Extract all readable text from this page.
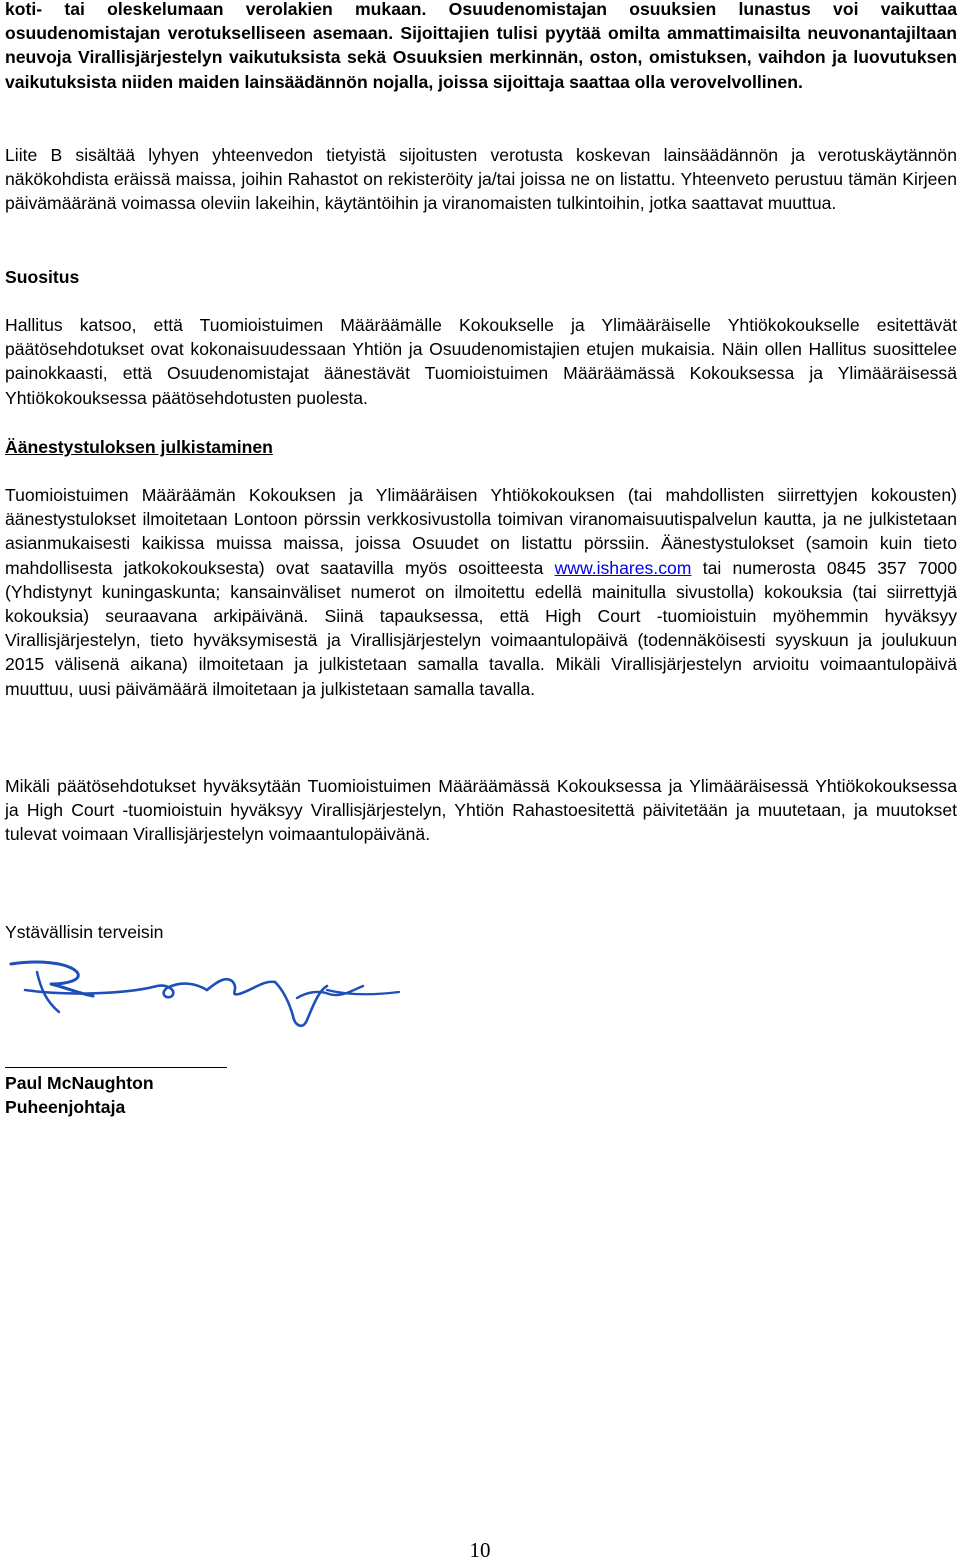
koti- tai oleskelumaan verolakien mukaan. Osuudenomistajan osuuksien lunastus voi vaikuttaa osuudenomistajan verotukselliseen asemaan. Sijoittajien tulisi pyytää omilta ammattimaisilta neuvonantajiltaan neuvoja Virallisjärjestelyn vaikutuksista sekä Osuuksien merkinnän, oston, omistuksen, vaihdon ja luovutuksen vaikutuksista niiden maiden lainsäädännön nojalla, joissa sijoittaja saattaa olla verovelvollinen.

Liite B sisältää lyhyen yhteenvedon tietyistä sijoitusten verotusta koskevan lainsäädännön ja verotuskäytännön näkökohdista eräissä maissa, joihin Rahastot on rekisteröity ja/tai joissa ne on listattu. Yhteenveto perustuu tämän Kirjeen päivämääränä voimassa oleviin lakeihin, käytäntöihin ja viranomaisten tulkintoihin, jotka saattavat muuttua.

Suositus

Hallitus katsoo, että Tuomioistuimen Määräämälle Kokoukselle ja Ylimääräiselle Yhtiökokoukselle esitettävät päätösehdotukset ovat kokonaisuudessaan Yhtiön ja Osuudenomistajien etujen mukaisia. Näin ollen Hallitus suosittelee painokkaasti, että Osuudenomistajat äänestävät Tuomioistuimen Määräämässä Kokouksessa ja Ylimääräisessä Yhtiökokouksessa päätösehdotusten puolesta.

Äänestystuloksen julkistaminen

Tuomioistuimen Määräämän Kokouksen ja Ylimääräisen Yhtiökokouksen (tai mahdollisten siirrettyjen kokousten) äänestystulokset ilmoitetaan Lontoon pörssin verkkosivustolla toimivan viranomaisuutispalvelun kautta, ja ne julkistetaan asianmukaisesti kaikissa muissa maissa, joissa Osuudet on listattu pörssiin. Äänestystulokset (samoin kuin tieto mahdollisesta jatkokokouksesta) ovat saatavilla myös osoitteesta www.ishares.com tai numerosta 0845 357 7000 (Yhdistynyt kuningaskunta; kansainväliset numerot on ilmoitettu edellä mainitulla sivustolla) kokouksia (tai siirrettyjä kokouksia) seuraavana arkipäivänä. Siinä tapauksessa, että High Court -tuomioistuin myöhemmin hyväksyy Virallisjärjestelyn, tieto hyväksymisestä ja Virallisjärjestelyn voimaantulopäivä (todennäköisesti syyskuun ja joulukuun 2015 välisenä aikana) ilmoitetaan ja julkistetaan samalla tavalla. Mikäli Virallisjärjestelyn arvioitu voimaantulopäivä muuttuu, uusi päivämäärä ilmoitetaan ja julkistetaan samalla tavalla.

Mikäli päätösehdotukset hyväksytään Tuomioistuimen Määräämässä Kokouksessa ja Ylimääräisessä Yhtiökokouksessa ja High Court -tuomioistuin hyväksyy Virallisjärjestelyn, Yhtiön Rahastoesitettä päivitetään ja muutetaan, ja muutokset tulevat voimaan Virallisjärjestelyn voimaantulopäivänä.

Ystävällisin terveisin
Paul McNaughton
Puheenjohtaja
10
